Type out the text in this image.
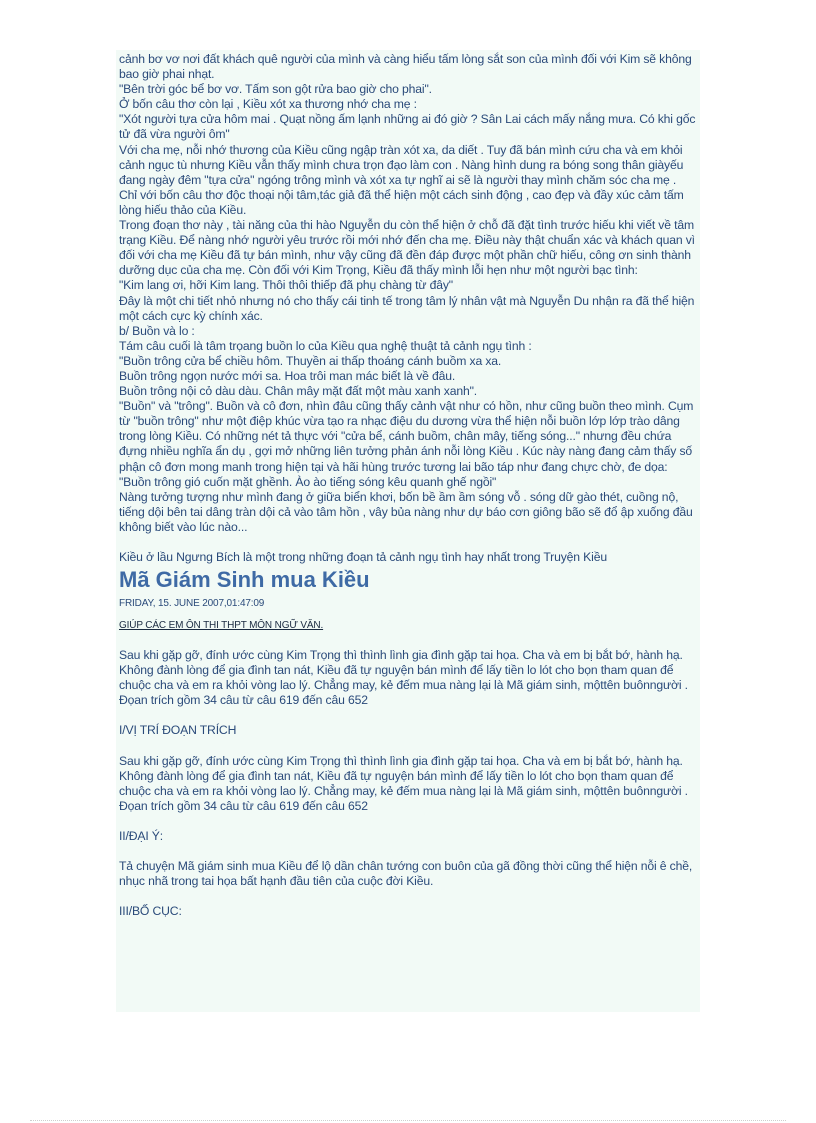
cảnh bơ vơ nơi đất khách quê người của mình và càng hiểu tấm lòng sắt son của mình đối với Kim sẽ không bao giờ phai nhạt.

"Bên trời góc bể bơ vơ. Tấm son gột rửa bao giờ cho phai".

Ở bốn câu thơ còn lại , Kiều xót xa thương nhớ cha mẹ :

"Xót người tựa cửa hôm mai . Quạt nồng ấm lạnh những ai đó giờ ? Sân Lai cách mấy nắng mưa. Có khi gốc tử đã vừa người ôm"

Với cha mẹ, nỗi nhớ thương của Kiều cũng ngập tràn xót xa, da diết . Tuy đã bán mình cứu cha và em khỏi cảnh ngục tù nhưng Kiều vẫn thấy mình chưa trọn đạo làm con . Nàng hình dung ra bóng song thân giàyếu đang ngày đêm "tựa cửa" ngóng trông mình và xót xa tự nghĩ ai sẽ là người thay mình chăm sóc cha mẹ . Chỉ với bốn câu thơ độc thoại nội tâm,tác giả đã thể hiện một cách sinh động , cao đẹp và đầy xúc cảm tấm lòng hiếu thảo của Kiều.

Trong đoạn thơ này , tài năng của thi hào Nguyễn du còn thể hiện ở chỗ đã đặt tình trước hiếu khi viết về tâm trạng Kiều. Để nàng nhớ người yêu trước rồi mới nhớ đến cha mẹ. Điều này thật chuẩn xác và khách quan vì đối với cha mẹ Kiều đã tự bán mình, như vậy cũng đã đền đáp được một phần chữ hiếu, công ơn sinh thành dưỡng dục của cha mẹ. Còn đối với Kim Trọng, Kiều đã thấy mình lỗi hẹn như một người bạc tình:

"Kim lang ơi, hỡi Kim lang. Thôi thôi thiếp đã phụ chàng từ đây"

Đây là một chi tiết nhỏ nhưng nó cho thấy cái tinh tế trong tâm lý nhân vật mà Nguyễn Du nhận ra đã thể hiện một cách cực kỳ chính xác.

b/ Buồn và lo :

Tám câu cuối là tâm trọang buồn lo của Kiều qua nghệ thuật tả cảnh ngụ tình :

"Buồn trông cửa bể chiều hôm. Thuyền ai thấp thoáng cánh buồm xa xa.

Buồn trông ngọn nước mới sa. Hoa trôi man mác biết là về đâu.

Buồn trông nội cỏ dàu dàu. Chân mây mặt đất một màu xanh xanh".

"Buồn" và "trông". Buồn và cô đơn, nhìn đâu cũng thấy cảnh vật như có hồn, như cũng buồn theo mình. Cụm từ "buồn trông" như một điệp khúc vừa tạo ra nhạc điệu du dương vừa thể hiện nỗi buồn lớp lớp trào dâng trong lòng Kiều. Có những nét tả thực với "cửa bể, cánh buồm, chân mây, tiếng sóng..." nhưng đều chứa đựng nhiều nghĩa ẩn dụ , gợi mở những liên tưởng phản ánh nỗi lòng Kiều . Kúc này nàng đang cảm thấy số phận cô đơn mong manh trong hiện tại và hãi hùng trước tương lai bão táp như đang chực chờ, đe dọa:

"Buồn trông gió cuốn mặt ghềnh. Ào ào tiếng sóng kêu quanh ghế ngồi"

Nàng tưởng tượng như mình đang ở giữa biển khơi, bốn bề ầm ầm sóng vỗ . sóng dữ gào thét, cuồng nộ, tiếng dội bên tai dâng tràn dội cả vào tâm hồn , vây bủa nàng như dự báo cơn giông bão sẽ đổ ập xuống đầu không biết vào lúc nào...

Kiều ở lầu Ngưng Bích là một trong những đoạn tả cảnh ngụ tình hay nhất trong Truyện Kiều

Mã Giám Sinh mua Kiều
FRIDAY, 15. JUNE 2007,01:47:09
GIÚP CÁC EM ÔN THI THPT MÔN NGỮ VĂN.

Sau khi gặp gỡ, đính ước cùng Kim Trọng thì thình lình gia đình gặp tai họa. Cha và em bị bắt bớ, hành hạ. Không đành lòng để gia đình tan nát, Kiều đã tự nguyện bán mình để lấy tiền lo lót cho bọn tham quan để chuộc cha và em ra khỏi vòng lao lý. Chẳng may, kẻ đếm mua nàng lại là Mã giám sinh, mộttên buônngười .

Đọan trích gồm 34 câu từ câu 619 đến câu 652

I/VỊ TRÍ ĐOẠN TRÍCH

Sau khi gặp gỡ, đính ước cùng Kim Trọng thì thình lình gia đình gặp tai họa. Cha và em bị bắt bớ, hành hạ. Không đành lòng để gia đình tan nát, Kiều đã tự nguyện bán mình để lấy tiền lo lót cho bọn tham quan để chuộc cha và em ra khỏi vòng lao lý. Chẳng may, kẻ đếm mua nàng lại là Mã giám sinh, mộttên buônngười .

Đọan trích gồm 34 câu từ câu 619 đến câu 652

II/ĐẠI Ý:

Tả chuyện Mã giám sinh mua Kiều để lộ dần chân tướng con buôn của gã đồng thời cũng thể hiện nỗi ê chề, nhục nhã trong tai họa bất hạnh đầu tiên của cuộc đời Kiều.

III/BỐ CỤC:
